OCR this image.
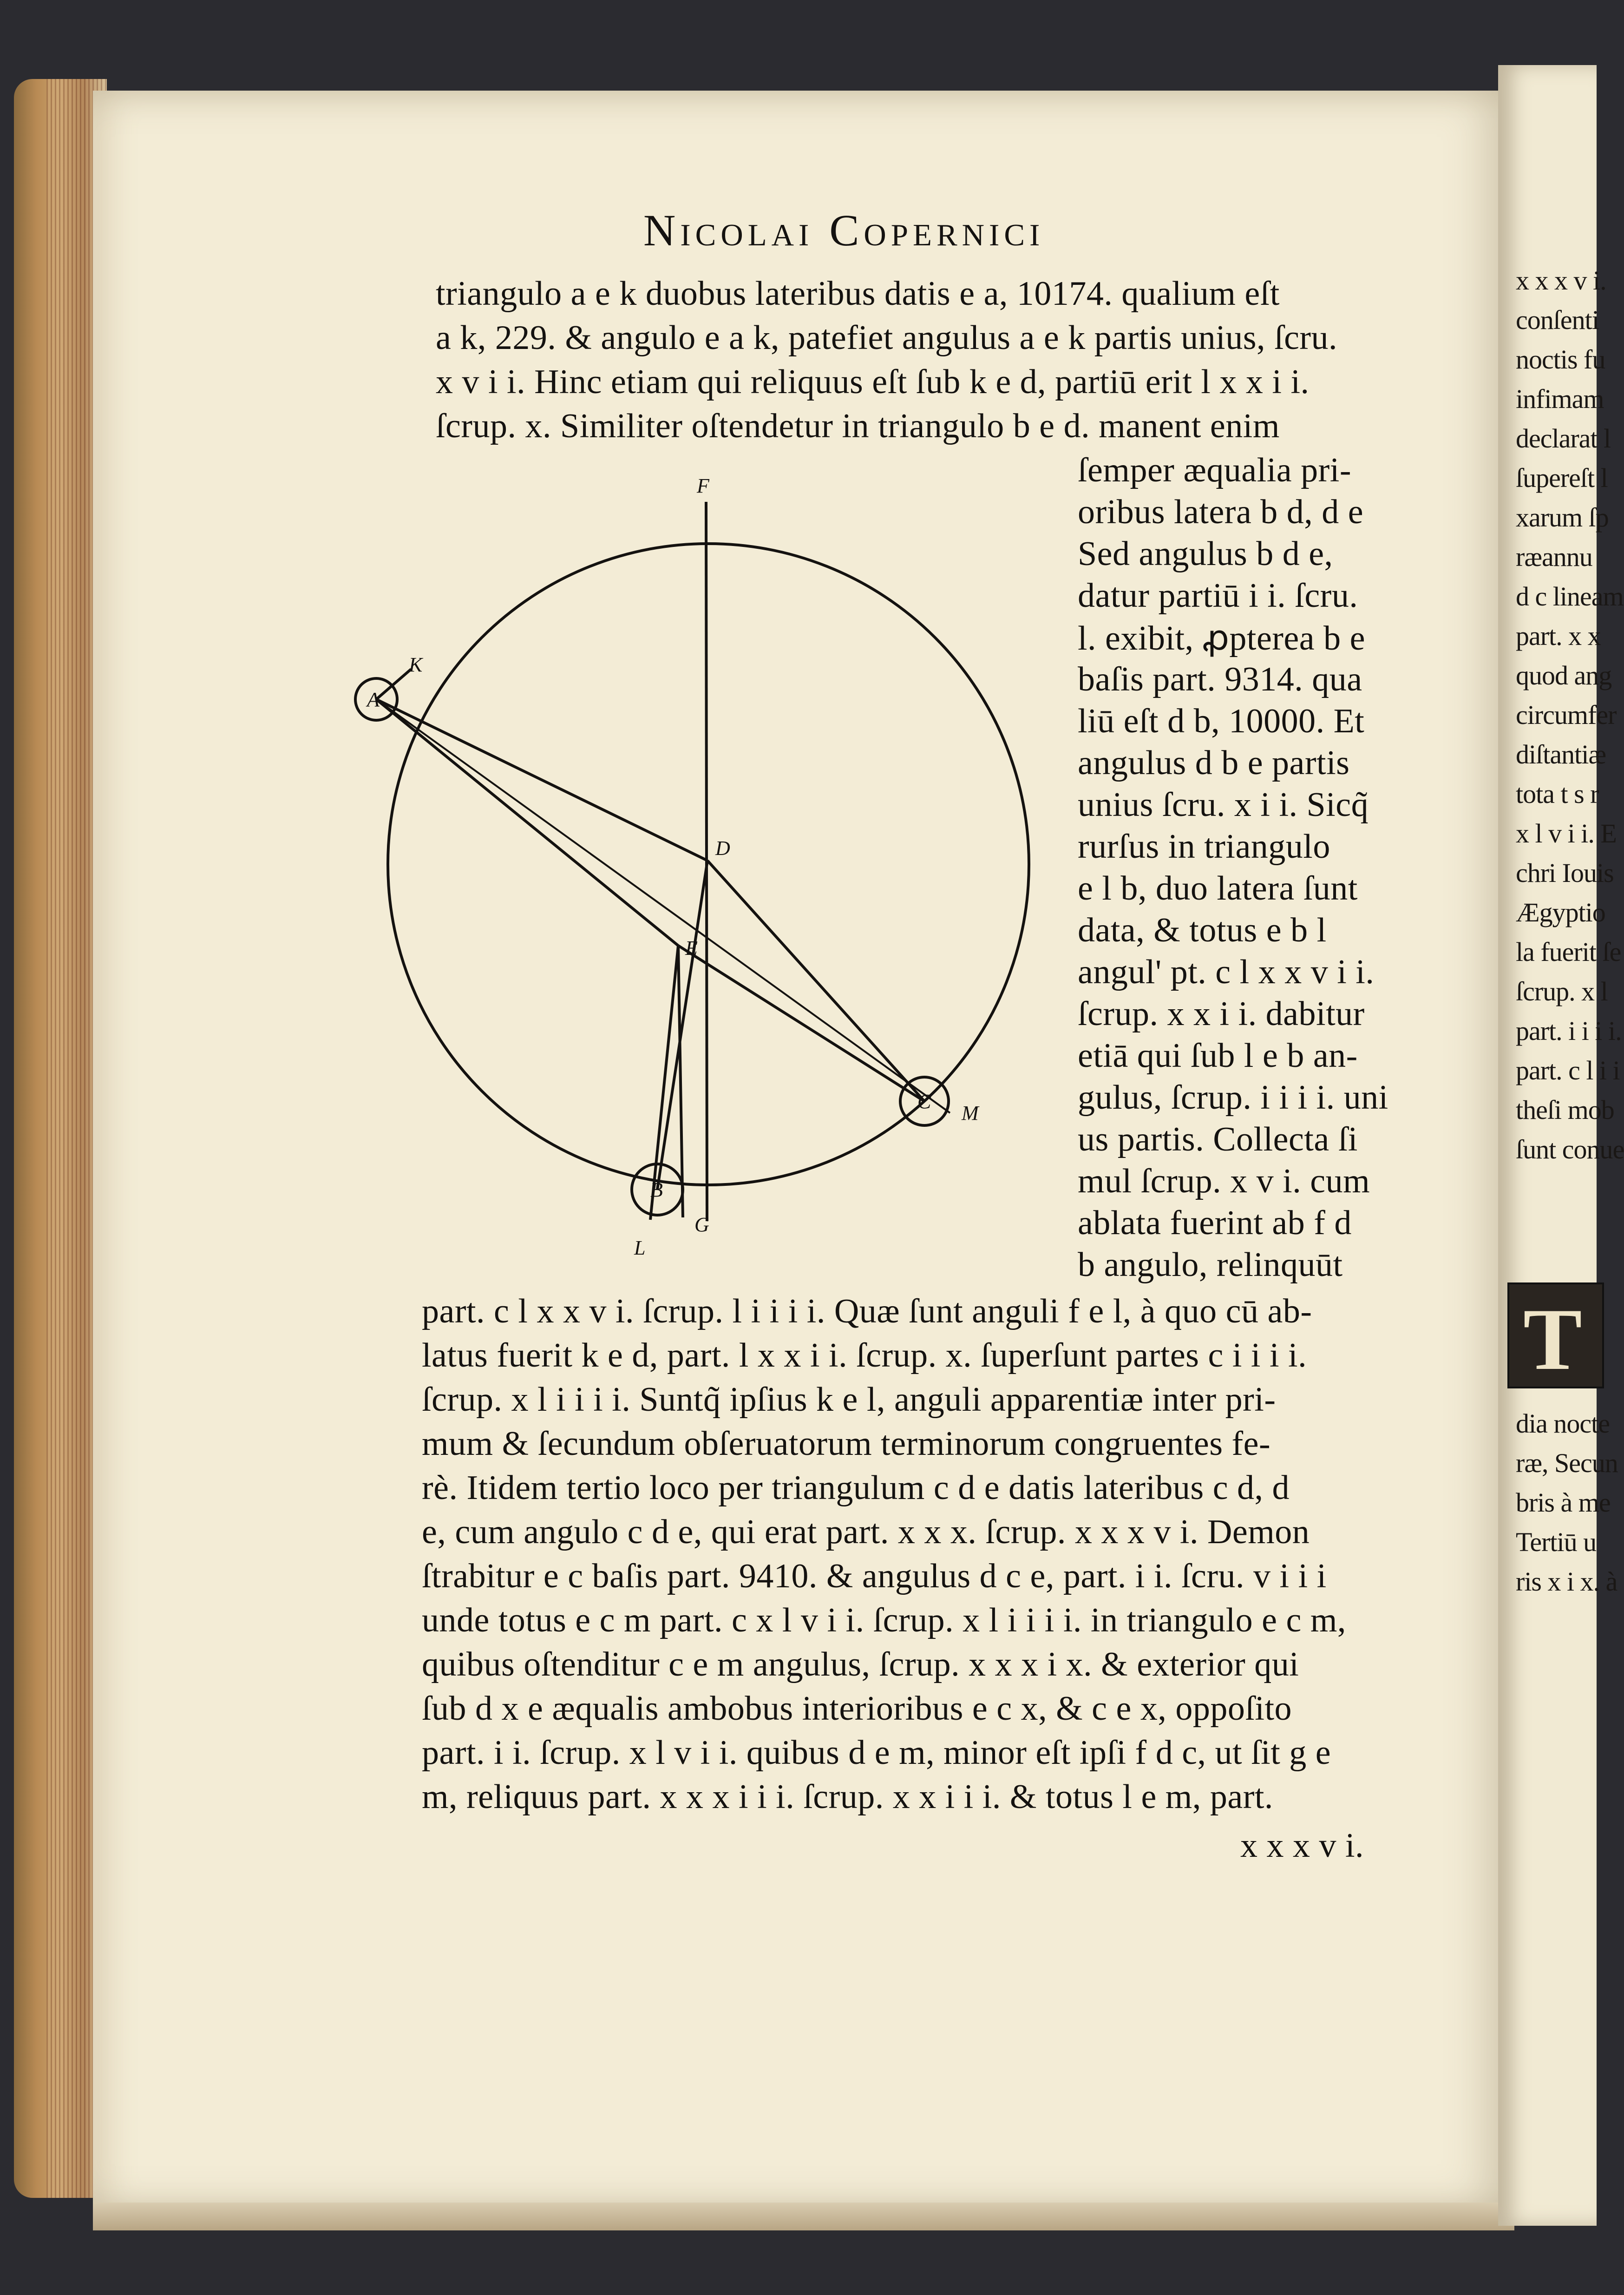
x x x v i.
conſenti
noctis fu
infimam
declarat l
ſupereſt l
xarum ſp
ræannu
d c lineam
part. x x
quod ang
circumfer
diſtantiæ
tota t s r
x l v i i. E
chri Iouis
Ægyptio
la fuerit ſe
ſcrup. x l
part. i i i i.
part. c l i i
theſi mob
ſunt conue
T
dia nocte
ræ, Secun
bris à me
Tertiū u
ris x i x. à
Nicolai Copernici
triangulo a e k duobus lateribus datis e a, 10174. qualium eſt
a k, 229. & angulo e a k, patefiet angulus a e k partis unius, ſcru.
x v i i. Hinc etiam qui reliquus eſt ſub k e d, partiū erit l x x i i.
ſcrup. x. Similiter oſtendetur in triangulo b e d. manent enim
ſemper æqualia pri-
oribus latera b d, d e
Sed angulus b d e,
datur partiū i i. ſcru.
l. exibit, ꝓpterea b e
baſis part. 9314. qua
liū eſt d b, 10000. Et
angulus d b e partis
unius ſcru. x i i. Sicq̃
rurſus in triangulo
e l b, duo latera ſunt
data, & totus e b l
angul' pt. c l x x v i i.
ſcrup. x x i i. dabitur
etiā qui ſub l e b an-
gulus, ſcrup. i i i i. uni
us partis. Collecta ſi
mul ſcrup. x v i. cum
ablata fuerint ab f d
b angulo, relinquūt
F
K
A
D
E
C
M
B
G
L
part. c l x x v i. ſcrup. l i i i i. Quæ ſunt anguli f e l, à quo cū ab-
latus fuerit k e d, part. l x x i i. ſcrup. x. ſuperſunt partes c i i i i.
ſcrup. x l i i i i. Suntq̃ ipſius k e l, anguli apparentiæ inter pri-
mum & ſecundum obſeruatorum terminorum congruentes fe-
rè. Itidem tertio loco per triangulum c d e datis lateribus c d, d
e, cum angulo c d e, qui erat part. x x x. ſcrup. x x x v i. Demon
ſtrabitur e c baſis part. 9410. & angulus d c e, part. i i. ſcru. v i i i
unde totus e c m part. c x l v i i. ſcrup. x l i i i i. in triangulo e c m,
quibus oſtenditur c e m angulus, ſcrup. x x x i x. & exterior qui
ſub d x e æqualis ambobus interioribus e c x, & c e x, oppoſito
part. i i. ſcrup. x l v i i. quibus d e m, minor eſt ipſi f d c, ut ſit g e
m, reliquus part. x x x i i i. ſcrup. x x i i i. & totus l e m, part.
x x x v i.
